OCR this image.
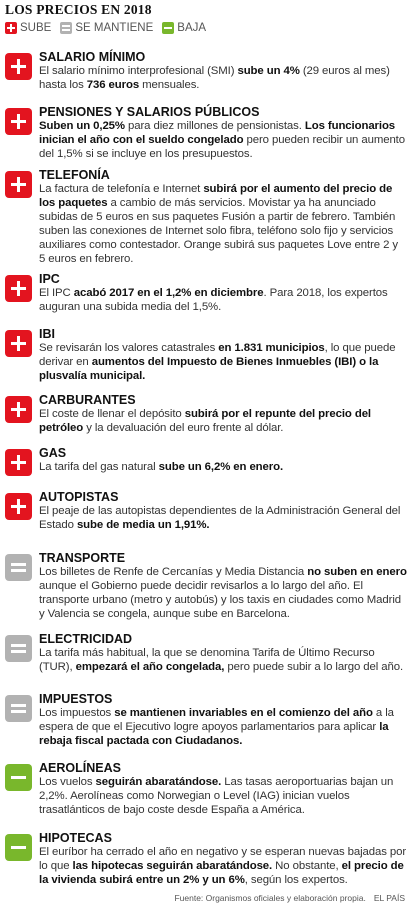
LOS PRECIOS EN 2018
SUBE SE MANTIENE BAJA
SALARIO MÍNIMO
El salario mínimo interprofesional (SMI) sube un 4% (29 euros al mes) hasta los 736 euros mensuales.
PENSIONES Y SALARIOS PÚBLICOS
Suben un 0,25% para diez millones de pensionistas. Los funcionarios inician el año con el sueldo congelado pero pueden recibir un aumento del 1,5% si se incluye en los presupuestos.
TELEFONÍA
La factura de telefonía e Internet subirá por el aumento del precio de los paquetes a cambio de más servicios. Movistar ya ha anunciado subidas de 5 euros en sus paquetes Fusión a partir de febrero. También suben las conexiones de Internet solo fibra, teléfono solo fijo y servicios auxiliares como contestador. Orange subirá sus paquetes Love entre 2 y 5 euros en febrero.
IPC
El IPC acabó 2017 en el 1,2% en diciembre. Para 2018, los expertos auguran una subida media del 1,5%.
IBI
Se revisarán los valores catastrales en 1.831 municipios, lo que puede derivar en aumentos del Impuesto de Bienes Inmuebles (IBI) o la plusvalía municipal.
CARBURANTES
El coste de llenar el depósito subirá por el repunte del precio del petróleo y la devaluación del euro frente al dólar.
GAS
La tarifa del gas natural sube un 6,2% en enero.
AUTOPISTAS
El peaje de las autopistas dependientes de la Administración General del Estado sube de media un 1,91%.
TRANSPORTE
Los billetes de Renfe de Cercanías y Media Distancia no suben en enero aunque el Gobierno puede decidir revisarlos a lo largo del año. El transporte urbano (metro y autobús) y los taxis en ciudades como Madrid y Valencia se congela, aunque sube en Barcelona.
ELECTRICIDAD
La tarifa más habitual, la que se denomina Tarifa de Último Recurso (TUR), empezará el año congelada, pero puede subir a lo largo del año.
IMPUESTOS
Los impuestos se mantienen invariables en el comienzo del año a la espera de que el Ejecutivo logre apoyos parlamentarios para aplicar la rebaja fiscal pactada con Ciudadanos.
AEROLÍNEAS
Los vuelos seguirán abaratándose. Las tasas aeroportuarias bajan un 2,2%. Aerolíneas como Norwegian o Level (IAG) inician vuelos trasatlánticos de bajo coste desde España a América.
HIPOTECAS
El euríbor ha cerrado el año en negativo y se esperan nuevas bajadas por lo que las hipotecas seguirán abaratándose. No obstante, el precio de la vivienda subirá entre un 2% y un 6%, según los expertos.
Fuente: Organismos oficiales y elaboración propia. EL PAÍS
